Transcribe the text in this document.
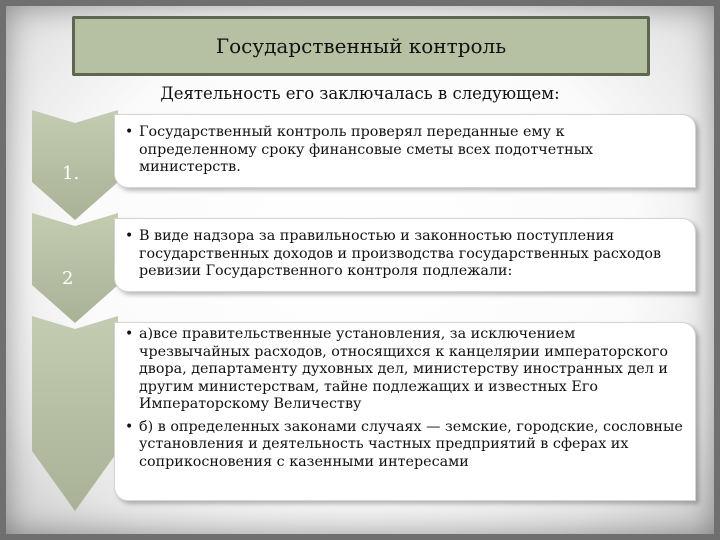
Государственный контроль
Деятельность его заключалась в следующем:
1.
2
• Государственный контроль проверял переданные ему к определенному сроку финансовые сметы всех подотчетных министерств.
• В виде надзора за правильностью и законностью поступления государственных доходов и производства государственных расходов ревизии Государственного контроля подлежали:
• а)все правительственные установления, за исключением чрезвычайных расходов, относящихся к канцелярии императорского двора, департаменту духовных дел, министерству иностранных дел и другим министерствам, тайне подлежащих и известных Его Императорскому Величеству
• б) в определенных законами случаях — земские, городские, сословные установления и деятельность частных предприятий в сферах их соприкосновения с казенными интересами
